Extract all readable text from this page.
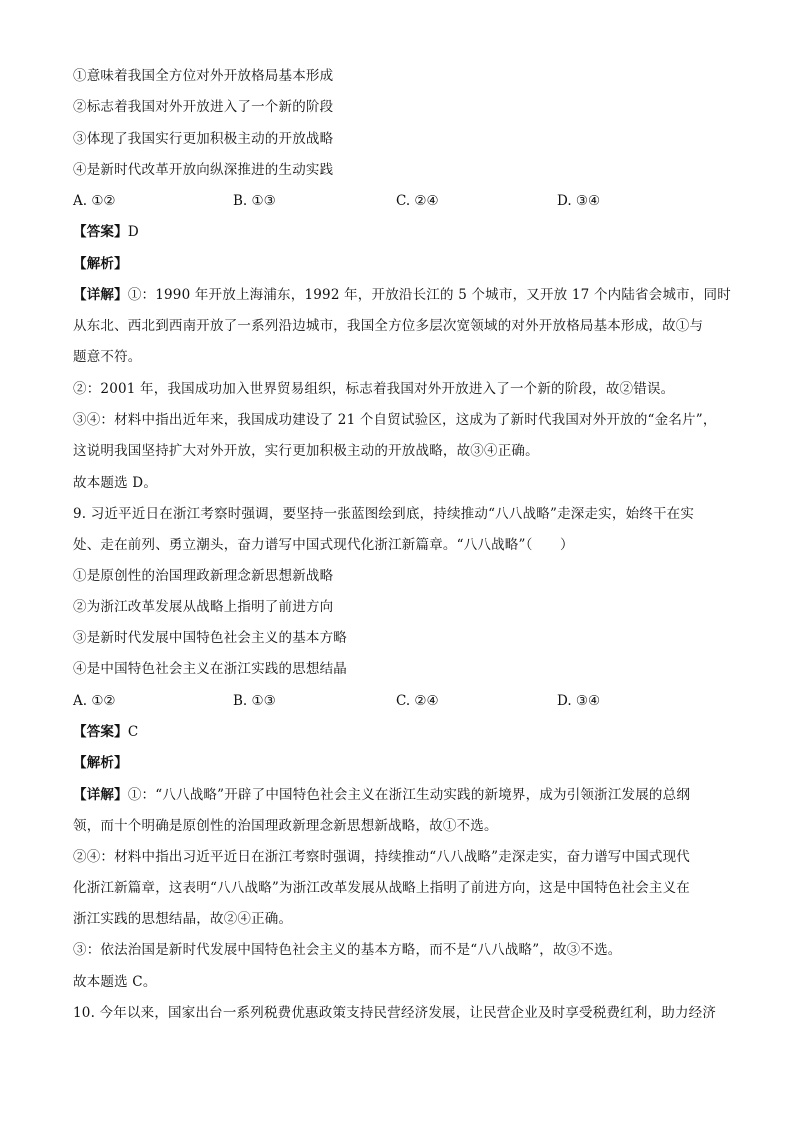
①意味着我国全方位对外开放格局基本形成
②标志着我国对外开放进入了一个新的阶段
③体现了我国实行更加积极主动的开放战略
④是新时代改革开放向纵深推进的生动实践
A. ①②	B. ①③	C. ②④	D. ③④
【答案】D
【解析】
【详解】①：1990 年开放上海浦东，1992 年，开放沿长江的 5 个城市，又开放 17 个内陆省会城市，同时
从东北、西北到西南开放了一系列沿边城市，我国全方位多层次宽领域的对外开放格局基本形成，故①与
题意不符。
②：2001 年，我国成功加入世界贸易组织，标志着我国对外开放进入了一个新的阶段，故②错误。
③④：材料中指出近年来，我国成功建设了 21 个自贸试验区，这成为了新时代我国对外开放的“金名片”，
这说明我国坚持扩大对外开放，实行更加积极主动的开放战略，故③④正确。
故本题选 D。
9. 习近平近日在浙江考察时强调，要坚持一张蓝图绘到底，持续推动“八八战略”走深走实，始终干在实
处、走在前列、勇立潮头，奋力谱写中国式现代化浙江新篇章。“八八战略”（　　）
①是原创性的治国理政新理念新思想新战略
②为浙江改革发展从战略上指明了前进方向
③是新时代发展中国特色社会主义的基本方略
④是中国特色社会主义在浙江实践的思想结晶
A. ①②	B. ①③	C. ②④	D. ③④
【答案】C
【解析】
【详解】①：“八八战略”开辟了中国特色社会主义在浙江生动实践的新境界，成为引领浙江发展的总纲
领，而十个明确是原创性的治国理政新理念新思想新战略，故①不选。
②④：材料中指出习近平近日在浙江考察时强调，持续推动“八八战略”走深走实，奋力谱写中国式现代
化浙江新篇章，这表明“八八战略”为浙江改革发展从战略上指明了前进方向，这是中国特色社会主义在
浙江实践的思想结晶，故②④正确。
③：依法治国是新时代发展中国特色社会主义的基本方略，而不是“八八战略”，故③不选。
故本题选 C。
10. 今年以来，国家出台一系列税费优惠政策支持民营经济发展，让民营企业及时享受税费红利，助力经济
